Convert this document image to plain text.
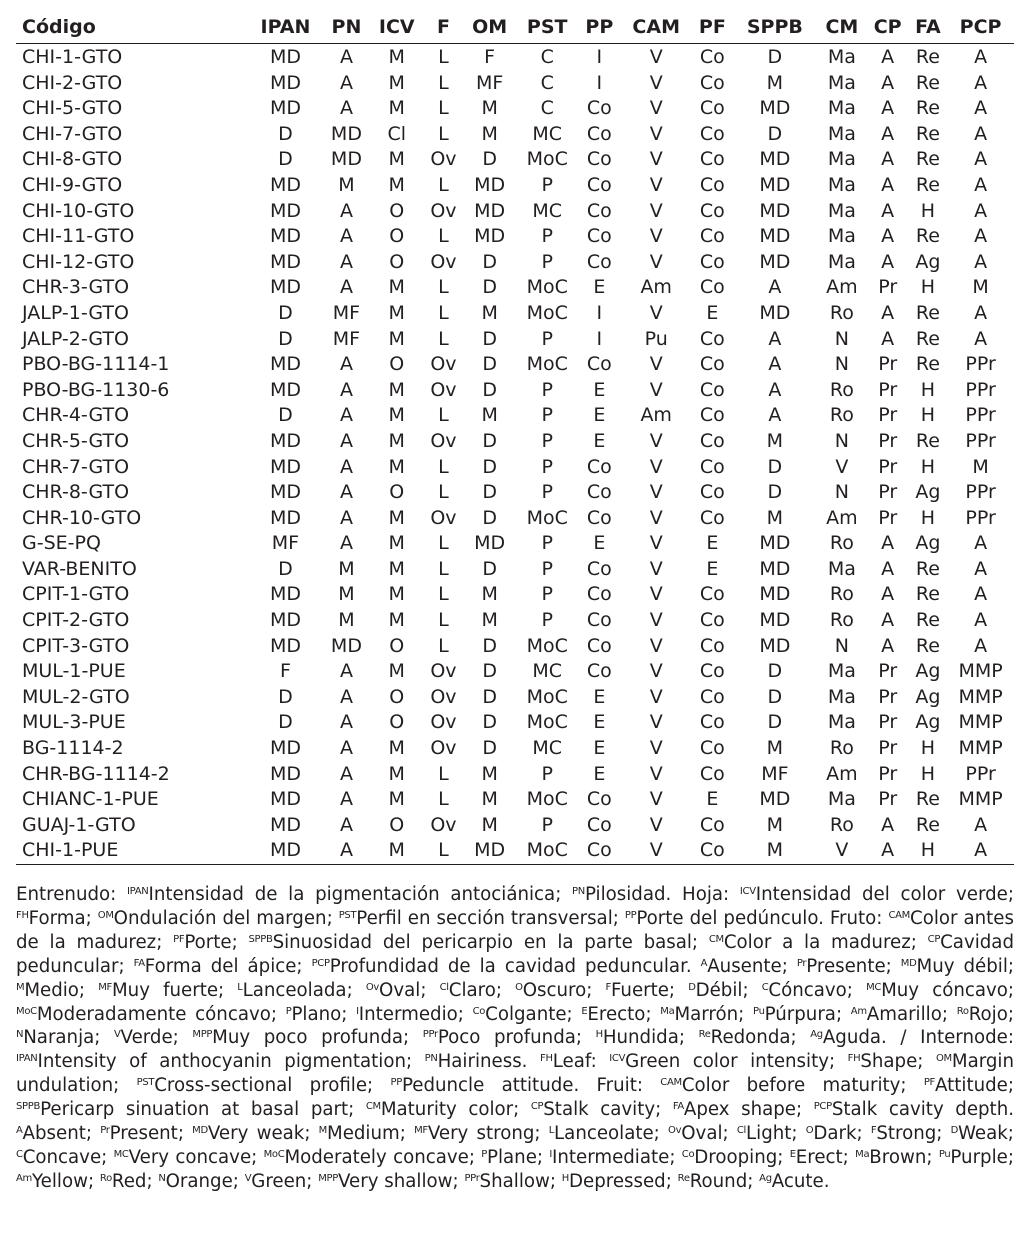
Código	IPAN	PN	ICV	F	OM	PST	PP	CAM	PF	SPPB	CM	CP	FA	PCP
CHI-1-GTO	MD	A	M	L	F	C	I	V	Co	D	Ma	A	Re	A
CHI-2-GTO	MD	A	M	L	MF	C	I	V	Co	M	Ma	A	Re	A
CHI-5-GTO	MD	A	M	L	M	C	Co	V	Co	MD	Ma	A	Re	A
CHI-7-GTO	D	MD	Cl	L	M	MC	Co	V	Co	D	Ma	A	Re	A
CHI-8-GTO	D	MD	M	Ov	D	MoC	Co	V	Co	MD	Ma	A	Re	A
CHI-9-GTO	MD	M	M	L	MD	P	Co	V	Co	MD	Ma	A	Re	A
CHI-10-GTO	MD	A	O	Ov	MD	MC	Co	V	Co	MD	Ma	A	H	A
CHI-11-GTO	MD	A	O	L	MD	P	Co	V	Co	MD	Ma	A	Re	A
CHI-12-GTO	MD	A	O	Ov	D	P	Co	V	Co	MD	Ma	A	Ag	A
CHR-3-GTO	MD	A	M	L	D	MoC	E	Am	Co	A	Am	Pr	H	M
JALP-1-GTO	D	MF	M	L	M	MoC	I	V	E	MD	Ro	A	Re	A
JALP-2-GTO	D	MF	M	L	D	P	I	Pu	Co	A	N	A	Re	A
PBO-BG-1114-1	MD	A	O	Ov	D	MoC	Co	V	Co	A	N	Pr	Re	PPr
PBO-BG-1130-6	MD	A	M	Ov	D	P	E	V	Co	A	Ro	Pr	H	PPr
CHR-4-GTO	D	A	M	L	M	P	E	Am	Co	A	Ro	Pr	H	PPr
CHR-5-GTO	MD	A	M	Ov	D	P	E	V	Co	M	N	Pr	Re	PPr
CHR-7-GTO	MD	A	M	L	D	P	Co	V	Co	D	V	Pr	H	M
CHR-8-GTO	MD	A	O	L	D	P	Co	V	Co	D	N	Pr	Ag	PPr
CHR-10-GTO	MD	A	M	Ov	D	MoC	Co	V	Co	M	Am	Pr	H	PPr
G-SE-PQ	MF	A	M	L	MD	P	E	V	E	MD	Ro	A	Ag	A
VAR-BENITO	D	M	M	L	D	P	Co	V	E	MD	Ma	A	Re	A
CPIT-1-GTO	MD	M	M	L	M	P	Co	V	Co	MD	Ro	A	Re	A
CPIT-2-GTO	MD	M	M	L	M	P	Co	V	Co	MD	Ro	A	Re	A
CPIT-3-GTO	MD	MD	O	L	D	MoC	Co	V	Co	MD	N	A	Re	A
MUL-1-PUE	F	A	M	Ov	D	MC	Co	V	Co	D	Ma	Pr	Ag	MMP
MUL-2-GTO	D	A	O	Ov	D	MoC	E	V	Co	D	Ma	Pr	Ag	MMP
MUL-3-PUE	D	A	O	Ov	D	MoC	E	V	Co	D	Ma	Pr	Ag	MMP
BG-1114-2	MD	A	M	Ov	D	MC	E	V	Co	M	Ro	Pr	H	MMP
CHR-BG-1114-2	MD	A	M	L	M	P	E	V	Co	MF	Am	Pr	H	PPr
CHIANC-1-PUE	MD	A	M	L	M	MoC	Co	V	E	MD	Ma	Pr	Re	MMP
GUAJ-1-GTO	MD	A	O	Ov	M	P	Co	V	Co	M	Ro	A	Re	A
CHI-1-PUE	MD	A	M	L	MD	MoC	Co	V	Co	M	V	A	H	A

Entrenudo: $^{IPAN}$Intensidad de la pigmentación antociánica; $^{PN}$Pilosidad. Hoja: $^{ICV}$Intensidad del color verde; $^{FH}$Forma; $^{OM}$Ondulación del margen; $^{PST}$Perfil en sección transversal; $^{PP}$Porte del pedúnculo. Fruto: $^{CAM}$Color antes de la madurez; $^{PF}$Porte; $^{SPPB}$Sinuosidad del pericarpio en la parte basal; $^{CM}$Color a la madurez; $^{CP}$Cavidad peduncular; $^{FA}$Forma del ápice; $^{PCP}$Profundidad de la cavidad peduncular. $^A$Ausente; $^{Pr}$Presente; $^{MD}$Muy débil; $^M$Medio; $^{MF}$Muy fuerte; $^L$Lanceolada; $^{Ov}$Oval; $^{Cl}$Claro; $^O$Oscuro; $^F$Fuerte; $^D$Débil; $^C$Cóncavo; $^{MC}$Muy cóncavo; $^{MoC}$Moderadamente cóncavo; $^P$Plano; $^I$Intermedio; $^{Co}$Colgante; $^E$Erecto; $^{Ma}$Marrón; $^{Pu}$Púrpura; $^{Am}$Amarillo; $^{Ro}$Rojo; $^N$Naranja; $^V$Verde; $^{MPP}$Muy poco profunda; $^{PPr}$Poco profunda; $^H$Hundida; $^{Re}$Redonda; $^{Ag}$Aguda. / Internode: $^{IPAN}$Intensity of anthocyanin pigmentation; $^{PN}$Hairiness. $^{FH}$Leaf: $^{ICV}$Green color intensity; $^{FH}$Shape; $^{OM}$Margin undulation; $^{PST}$Cross-sectional profile; $^{PP}$Peduncle attitude. Fruit: $^{CAM}$Color before maturity; $^{PF}$Attitude; $^{SPPB}$Pericarp sinuation at basal part; $^{CM}$Maturity color; $^{CP}$Stalk cavity; $^{FA}$Apex shape; $^{PCP}$Stalk cavity depth. $^A$Absent; $^{Pr}$Present; $^{MD}$Very weak; $^M$Medium; $^{MF}$Very strong; $^L$Lanceolate; $^{Ov}$Oval; $^{Cl}$Light; $^O$Dark; $^F$Strong; $^D$Weak; $^C$Concave; $^{MC}$Very concave; $^{MoC}$Moderately concave; $^P$Plane; $^I$Intermediate; $^{Co}$Drooping; $^E$Erect; $^{Ma}$Brown; $^{Pu}$Purple; $^{Am}$Yellow; $^{Ro}$Red; $^N$Orange; $^V$Green; $^{MPP}$Very shallow; $^{PPr}$Shallow; $^H$Depressed; $^{Re}$Round; $^{Ag}$Acute.
